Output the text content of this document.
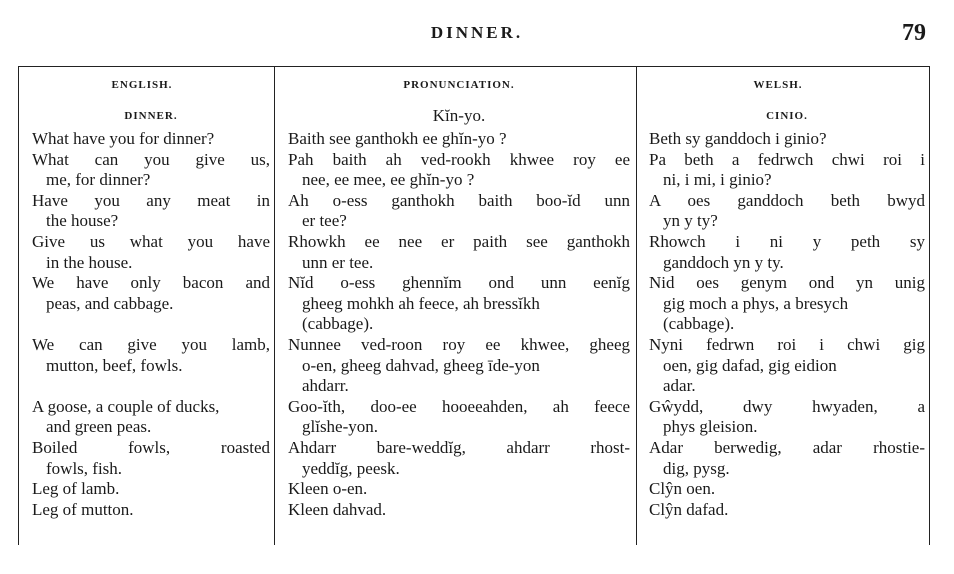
DINNER.	79
ENGLISH.
DINNER.
What have you for dinner?
What can you give us,
me, for dinner?
Have you any meat in
the house?
Give us what you have
in the house.
We have only bacon and
peas, and cabbage.
We can give you lamb,
mutton, beef, fowls.
A goose, a couple of ducks,
and green peas.
Boiled fowls, roasted
fowls, fish.
Leg of lamb.
Leg of mutton.
PRONUNCIATION.
Kĭn-yo.
Baith see ganthokh ee ghĭn-yo ?
Pah baith ah ved-rookh khwee roy ee
nee, ee mee, ee ghĭn-yo ?
Ah o-ess ganthokh baith boo-ĭd unn
er tee?
Rhowkh ee nee er paith see ganthokh
unn er tee.
Nĭd o-ess ghennĭm ond unn eenĭg
gheeg mohkh ah feece, ah bressĭkh
(cabbage).
Nunnee ved-roon roy ee khwee, gheeg
o-en, gheeg dahvad, gheeg īde-yon
ahdarr.
Goo-ĭth, doo-ee hooeeahden, ah feece
glĭshe-yon.
Ahdarr bare-weddĭg, ahdarr rhost-
yeddĭg, peesk.
Kleen o-en.
Kleen dahvad.
WELSH.
CINIO.
Beth sy ganddoch i ginio?
Pa beth a fedrwch chwi roi i
ni, i mi, i ginio?
A oes ganddoch beth bwyd
yn y ty?
Rhowch i ni y peth sy
ganddoch yn y ty.
Nid oes genym ond yn unig
gig moch a phys, a bresych
(cabbage).
Nyni fedrwn roi i chwi gig
oen, gig dafad, gig eidion
adar.
Gŵydd, dwy hwyaden, a
phys gleision.
Adar berwedig, adar rhostie-
dig, pysg.
Clŷn oen.
Clŷn dafad.
